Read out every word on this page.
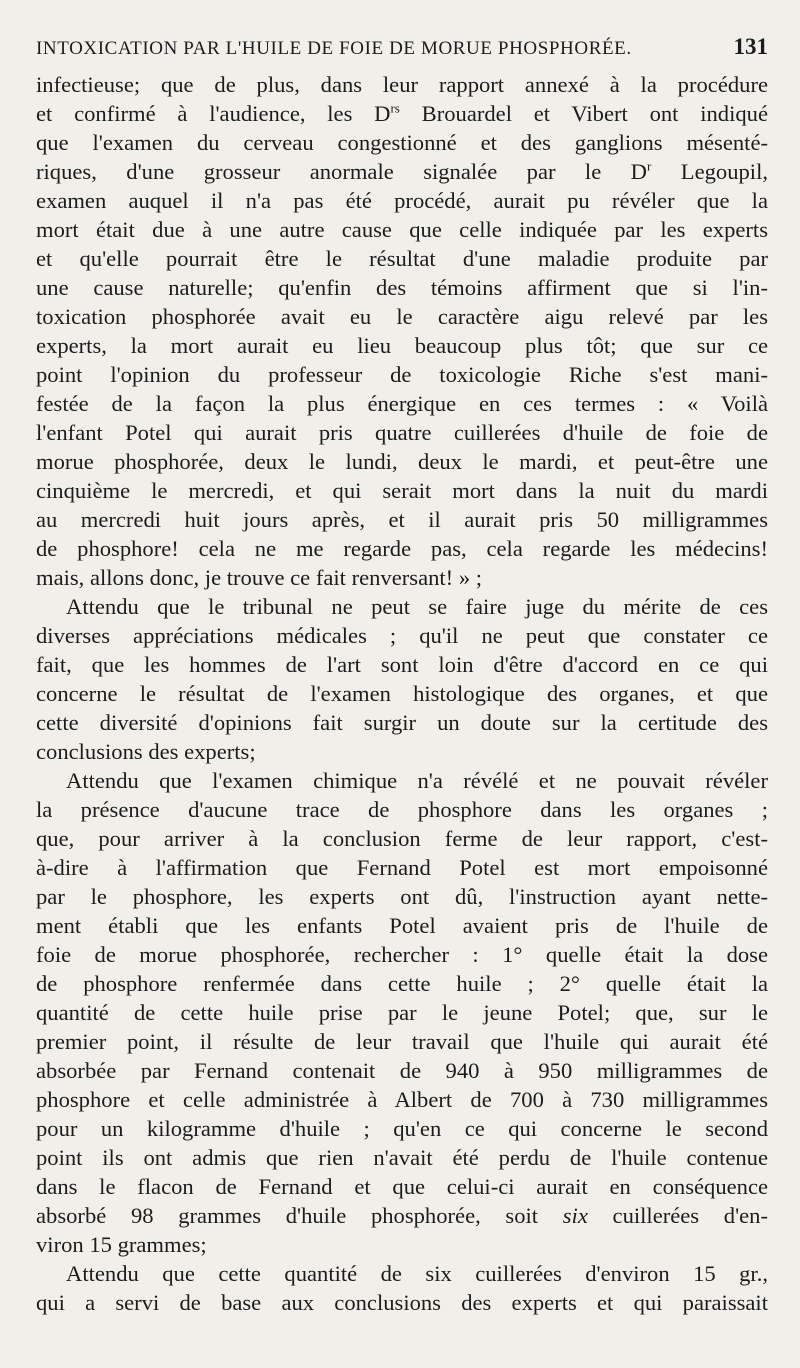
INTOXICATION PAR L'HUILE DE FOIE DE MORUE PHOSPHORÉE.	131
infectieuse; que de plus, dans leur rapport annexé à la procédure
et confirmé à l'audience, les $D^{rs}$ Brouardel et Vibert ont indiqué
que l'examen du cerveau congestionné et des ganglions mésenté-
riques, d'une grosseur anormale signalée par le $D^r$ Legoupil,
examen auquel il n'a pas été procédé, aurait pu révéler que la
mort était due à une autre cause que celle indiquée par les experts
et qu'elle pourrait être le résultat d'une maladie produite par
une cause naturelle; qu'enfin des témoins affirment que si l'in-
toxication phosphorée avait eu le caractère aigu relevé par les
experts, la mort aurait eu lieu beaucoup plus tôt; que sur ce
point l'opinion du professeur de toxicologie Riche s'est mani-
festée de la façon la plus énergique en ces termes : « Voilà
l'enfant Potel qui aurait pris quatre cuillerées d'huile de foie de
morue phosphorée, deux le lundi, deux le mardi, et peut-être une
cinquième le mercredi, et qui serait mort dans la nuit du mardi
au mercredi huit jours après, et il aurait pris 50 milligrammes
de phosphore! cela ne me regarde pas, cela regarde les médecins!
mais, allons donc, je trouve ce fait renversant! » ;
Attendu que le tribunal ne peut se faire juge du mérite de ces
diverses appréciations médicales ; qu'il ne peut que constater ce
fait, que les hommes de l'art sont loin d'être d'accord en ce qui
concerne le résultat de l'examen histologique des organes, et que
cette diversité d'opinions fait surgir un doute sur la certitude des
conclusions des experts;
Attendu que l'examen chimique n'a révélé et ne pouvait révéler
la présence d'aucune trace de phosphore dans les organes ;
que, pour arriver à la conclusion ferme de leur rapport, c'est-
à-dire à l'affirmation que Fernand Potel est mort empoisonné
par le phosphore, les experts ont dû, l'instruction ayant nette-
ment établi que les enfants Potel avaient pris de l'huile de
foie de morue phosphorée, rechercher : 1° quelle était la dose
de phosphore renfermée dans cette huile ; 2° quelle était la
quantité de cette huile prise par le jeune Potel; que, sur le
premier point, il résulte de leur travail que l'huile qui aurait été
absorbée par Fernand contenait de 940 à 950 milligrammes de
phosphore et celle administrée à Albert de 700 à 730 milligrammes
pour un kilogramme d'huile ; qu'en ce qui concerne le second
point ils ont admis que rien n'avait été perdu de l'huile contenue
dans le flacon de Fernand et que celui-ci aurait en conséquence
absorbé 98 grammes d'huile phosphorée, soit six cuillerées d'en-
viron 15 grammes;
Attendu que cette quantité de six cuillerées d'environ 15 gr.,
qui a servi de base aux conclusions des experts et qui paraissait
